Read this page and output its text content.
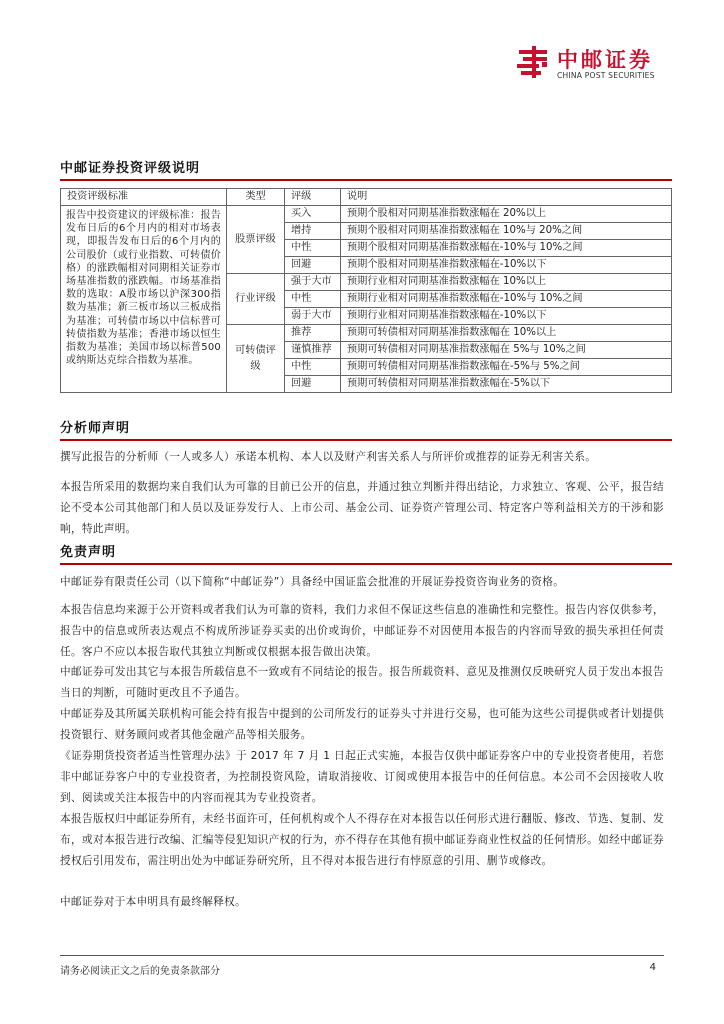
中邮证券
CHINA POST SECURITIES
中邮证券投资评级说明
投资评级标准	类型	评级	说明
报告中投资建议的评级标准：报告发布日后的6个月内的相对市场表现，即报告发布日后的6个月内的公司股价（或行业指数、可转债价格）的涨跌幅相对同期相关证券市场基准指数的涨跌幅。市场基准指数的选取：A股市场以沪深300指数为基准；新三板市场以三板成指为基准；可转债市场以中信标普可转债指数为基准；香港市场以恒生指数为基准；美国市场以标普500或纳斯达克综合指数为基准。	股票评级	买入	预期个股相对同期基准指数涨幅在 20%以上
		增持	预期个股相对同期基准指数涨幅在 10%与 20%之间
		中性	预期个股相对同期基准指数涨幅在-10%与 10%之间
		回避	预期个股相对同期基准指数涨幅在-10%以下
	行业评级	强于大市	预期行业相对同期基准指数涨幅在 10%以上
		中性	预期行业相对同期基准指数涨幅在-10%与 10%之间
		弱于大市	预期行业相对同期基准指数涨幅在-10%以下
	可转债评级	推荐	预期可转债相对同期基准指数涨幅在 10%以上
		谨慎推荐	预期可转债相对同期基准指数涨幅在 5%与 10%之间
		中性	预期可转债相对同期基准指数涨幅在-5%与 5%之间
		回避	预期可转债相对同期基准指数涨幅在-5%以下
分析师声明

撰写此报告的分析师（一人或多人）承诺本机构、本人以及财产利害关系人与所评价或推荐的证券无利害关系。

本报告所采用的数据均来自我们认为可靠的目前已公开的信息，并通过独立判断并得出结论，力求独立、客观、公平，报告结论不受本公司其他部门和人员以及证券发行人、上市公司、基金公司、证券资产管理公司、特定客户等利益相关方的干涉和影响，特此声明。

免责声明

中邮证券有限责任公司（以下简称“中邮证券”）具备经中国证监会批准的开展证券投资咨询业务的资格。

本报告信息均来源于公开资料或者我们认为可靠的资料，我们力求但不保证这些信息的准确性和完整性。报告内容仅供参考，报告中的信息或所表达观点不构成所涉证券买卖的出价或询价，中邮证券不对因使用本报告的内容而导致的损失承担任何责任。客户不应以本报告取代其独立判断或仅根据本报告做出决策。

中邮证券可发出其它与本报告所载信息不一致或有不同结论的报告。报告所载资料、意见及推测仅反映研究人员于发出本报告当日的判断，可随时更改且不予通告。

中邮证券及其所属关联机构可能会持有报告中提到的公司所发行的证券头寸并进行交易，也可能为这些公司提供或者计划提供投资银行、财务顾问或者其他金融产品等相关服务。

《证券期货投资者适当性管理办法》于 2017 年 7 月 1 日起正式实施，本报告仅供中邮证券客户中的专业投资者使用，若您非中邮证券客户中的专业投资者，为控制投资风险，请取消接收、订阅或使用本报告中的任何信息。本公司不会因接收人收到、阅读或关注本报告中的内容而视其为专业投资者。

本报告版权归中邮证券所有，未经书面许可，任何机构或个人不得存在对本报告以任何形式进行翻版、修改、节选、复制、发布，或对本报告进行改编、汇编等侵犯知识产权的行为，亦不得存在其他有损中邮证券商业性权益的任何情形。如经中邮证券授权后引用发布，需注明出处为中邮证券研究所，且不得对本报告进行有悖原意的引用、删节或修改。

中邮证券对于本申明具有最终解释权。

请务必阅读正文之后的免责条款部分	4
